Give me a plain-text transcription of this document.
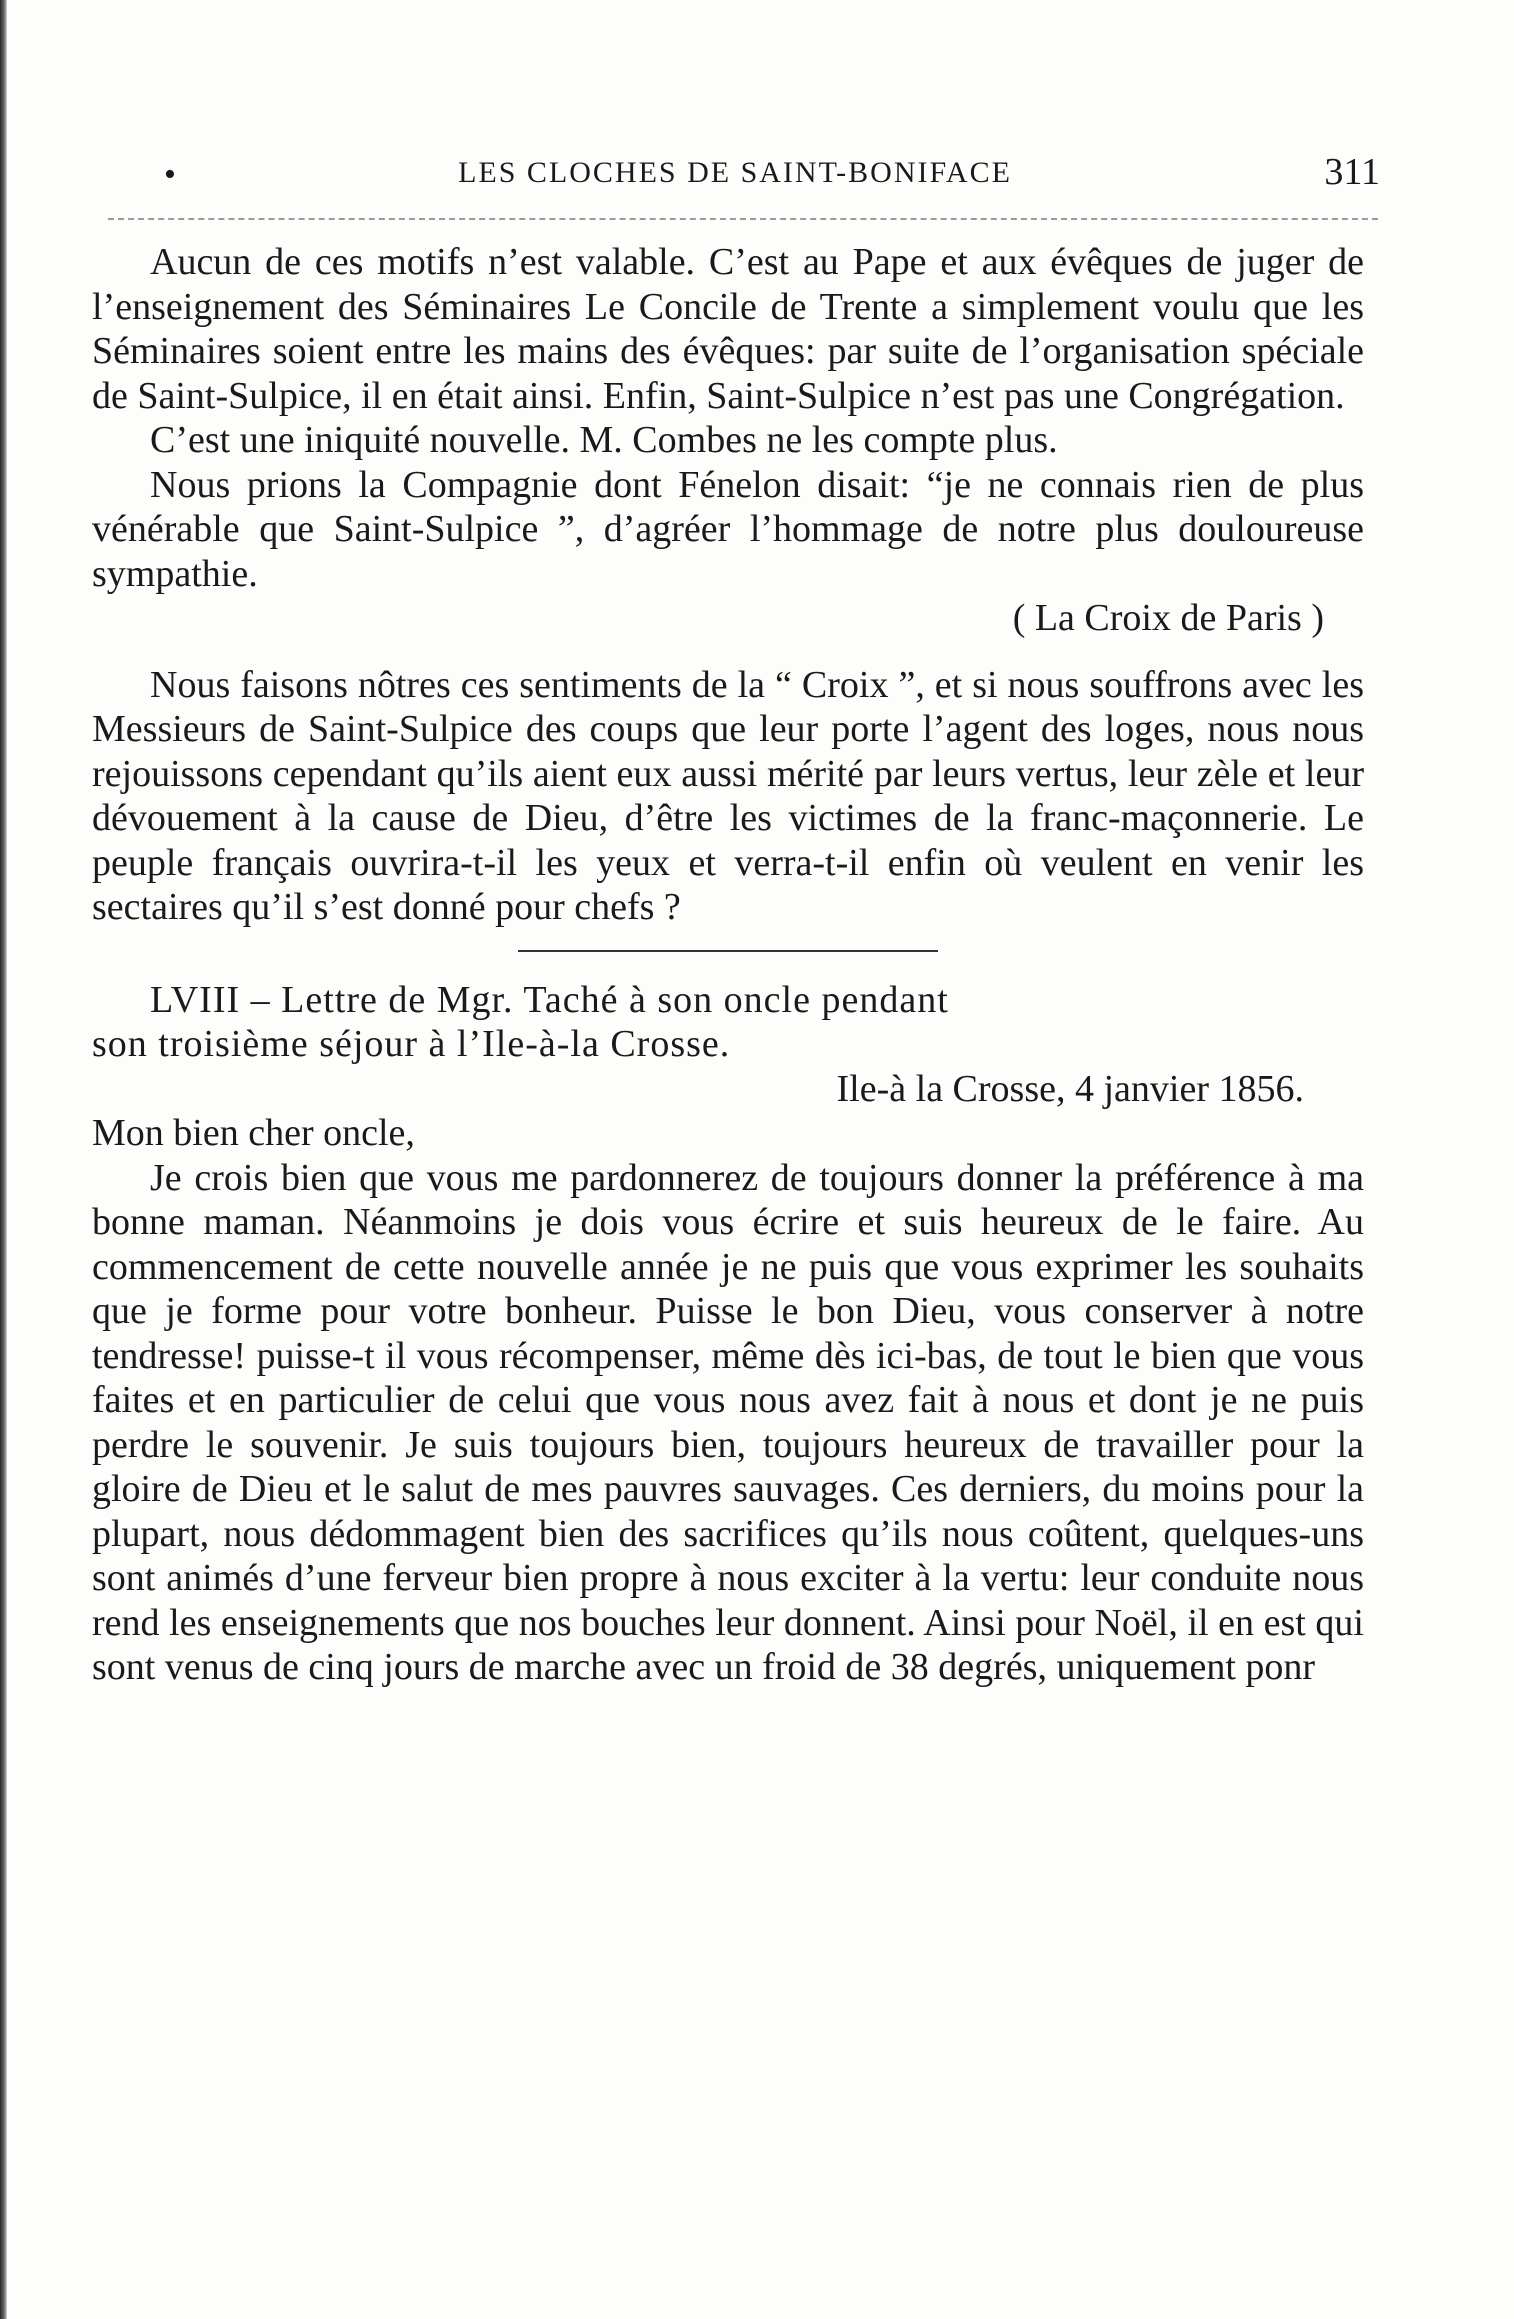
•	LES CLOCHES DE SAINT-BONIFACE	311

Aucun de ces motifs n’est valable. C’est au Pape et aux évêques de juger de l’enseignement des Séminaires Le Concile de Trente a simplement voulu que les Séminaires soient entre les mains des évêques: par suite de l’organisation spéciale de Saint-Sulpice, il en était ainsi. Enfin, Saint-Sulpice n’est pas une Congrégation.

C’est une iniquité nouvelle. M. Combes ne les compte plus.

Nous prions la Compagnie dont Fénelon disait: “je ne connais rien de plus vénérable que Saint-Sulpice ”, d’agréer l’hommage de notre plus douloureuse sympathie.

( La Croix de Paris )

Nous faisons nôtres ces sentiments de la “ Croix ”, et si nous souffrons avec les Messieurs de Saint-Sulpice des coups que leur porte l’agent des loges, nous nous rejouissons cependant qu’ils aient eux aussi mérité par leurs vertus, leur zèle et leur dévouement à la cause de Dieu, d’être les victimes de la franc-maçonnerie. Le peuple français ouvrira-t-il les yeux et verra-t-il enfin où veulent en venir les sectaires qu’il s’est donné pour chefs ?

LVIII – Lettre de Mgr. Taché à son oncle pendant

son troisième séjour à l’Ile-à-la Crosse.

Ile-à la Crosse, 4 janvier 1856.

Mon bien cher oncle,

Je crois bien que vous me pardonnerez de toujours donner la préférence à ma bonne maman. Néanmoins je dois vous écrire et suis heureux de le faire. Au commencement de cette nouvelle année je ne puis que vous exprimer les souhaits que je forme pour votre bonheur. Puisse le bon Dieu, vous conserver à notre tendresse! puisse-t il vous récompenser, même dès ici-bas, de tout le bien que vous faites et en particulier de celui que vous nous avez fait à nous et dont je ne puis perdre le souvenir. Je suis toujours bien, toujours heureux de travailler pour la gloire de Dieu et le salut de mes pauvres sauvages. Ces derniers, du moins pour la plupart, nous dédommagent bien des sacrifices qu’ils nous coûtent, quelques-uns sont animés d’une ferveur bien propre à nous exciter à la vertu: leur conduite nous rend les enseignements que nos bouches leur donnent. Ainsi pour Noël, il en est qui sont venus de cinq jours de marche avec un froid de 38 degrés, uniquement ponr
